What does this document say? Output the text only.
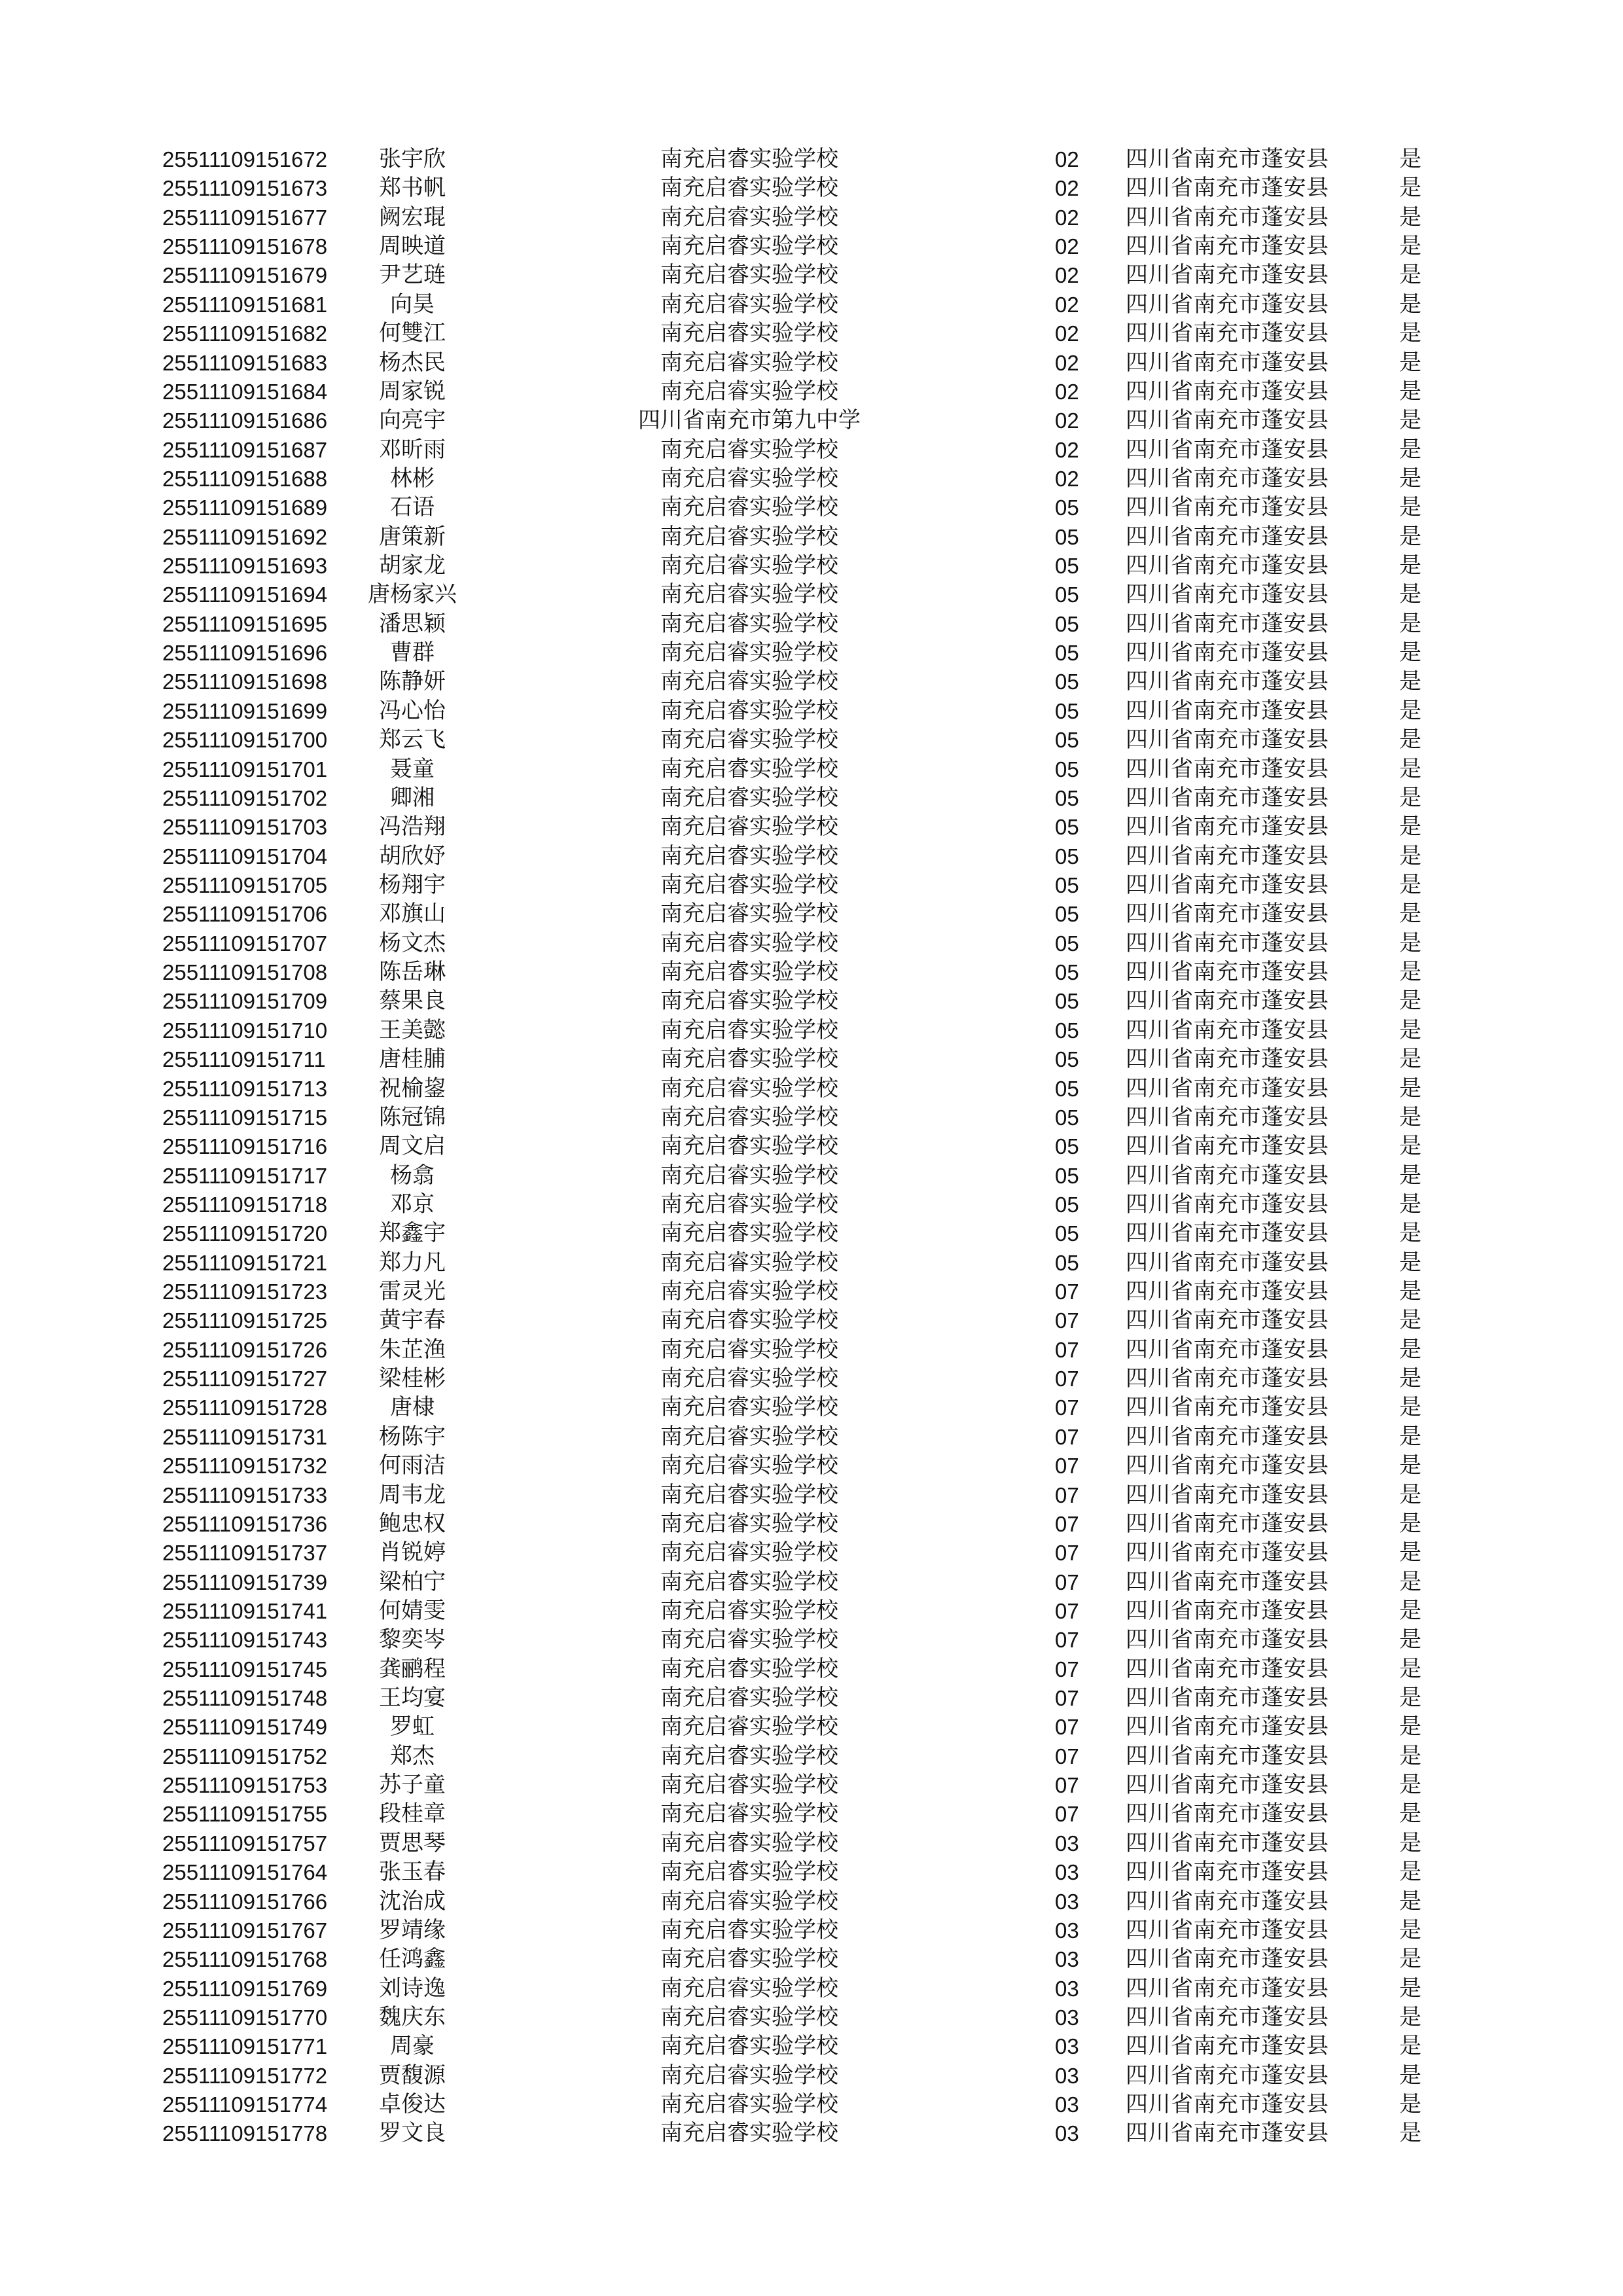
25511109151672	张宇欣	南充启睿实验学校	02	四川省南充市蓬安县	是
25511109151673	郑书帆	南充启睿实验学校	02	四川省南充市蓬安县	是
25511109151677	阙宏琨	南充启睿实验学校	02	四川省南充市蓬安县	是
25511109151678	周映道	南充启睿实验学校	02	四川省南充市蓬安县	是
25511109151679	尹艺琏	南充启睿实验学校	02	四川省南充市蓬安县	是
25511109151681	向昊	南充启睿实验学校	02	四川省南充市蓬安县	是
25511109151682	何雙江	南充启睿实验学校	02	四川省南充市蓬安县	是
25511109151683	杨杰民	南充启睿实验学校	02	四川省南充市蓬安县	是
25511109151684	周家锐	南充启睿实验学校	02	四川省南充市蓬安县	是
25511109151686	向亮宇	四川省南充市第九中学	02	四川省南充市蓬安县	是
25511109151687	邓昕雨	南充启睿实验学校	02	四川省南充市蓬安县	是
25511109151688	林彬	南充启睿实验学校	02	四川省南充市蓬安县	是
25511109151689	石语	南充启睿实验学校	05	四川省南充市蓬安县	是
25511109151692	唐策新	南充启睿实验学校	05	四川省南充市蓬安县	是
25511109151693	胡家龙	南充启睿实验学校	05	四川省南充市蓬安县	是
25511109151694	唐杨家兴	南充启睿实验学校	05	四川省南充市蓬安县	是
25511109151695	潘思颖	南充启睿实验学校	05	四川省南充市蓬安县	是
25511109151696	曹群	南充启睿实验学校	05	四川省南充市蓬安县	是
25511109151698	陈静妍	南充启睿实验学校	05	四川省南充市蓬安县	是
25511109151699	冯心怡	南充启睿实验学校	05	四川省南充市蓬安县	是
25511109151700	郑云飞	南充启睿实验学校	05	四川省南充市蓬安县	是
25511109151701	聂童	南充启睿实验学校	05	四川省南充市蓬安县	是
25511109151702	卿湘	南充启睿实验学校	05	四川省南充市蓬安县	是
25511109151703	冯浩翔	南充启睿实验学校	05	四川省南充市蓬安县	是
25511109151704	胡欣妤	南充启睿实验学校	05	四川省南充市蓬安县	是
25511109151705	杨翔宇	南充启睿实验学校	05	四川省南充市蓬安县	是
25511109151706	邓旗山	南充启睿实验学校	05	四川省南充市蓬安县	是
25511109151707	杨文杰	南充启睿实验学校	05	四川省南充市蓬安县	是
25511109151708	陈岳琳	南充启睿实验学校	05	四川省南充市蓬安县	是
25511109151709	蔡果良	南充启睿实验学校	05	四川省南充市蓬安县	是
25511109151710	王美懿	南充启睿实验学校	05	四川省南充市蓬安县	是
25511109151711	唐桂脯	南充启睿实验学校	05	四川省南充市蓬安县	是
25511109151713	祝榆鋆	南充启睿实验学校	05	四川省南充市蓬安县	是
25511109151715	陈冠锦	南充启睿实验学校	05	四川省南充市蓬安县	是
25511109151716	周文启	南充启睿实验学校	05	四川省南充市蓬安县	是
25511109151717	杨翕	南充启睿实验学校	05	四川省南充市蓬安县	是
25511109151718	邓京	南充启睿实验学校	05	四川省南充市蓬安县	是
25511109151720	郑鑫宇	南充启睿实验学校	05	四川省南充市蓬安县	是
25511109151721	郑力凡	南充启睿实验学校	05	四川省南充市蓬安县	是
25511109151723	雷灵光	南充启睿实验学校	07	四川省南充市蓬安县	是
25511109151725	黄宇春	南充启睿实验学校	07	四川省南充市蓬安县	是
25511109151726	朱芷渔	南充启睿实验学校	07	四川省南充市蓬安县	是
25511109151727	梁桂彬	南充启睿实验学校	07	四川省南充市蓬安县	是
25511109151728	唐棣	南充启睿实验学校	07	四川省南充市蓬安县	是
25511109151731	杨陈宇	南充启睿实验学校	07	四川省南充市蓬安县	是
25511109151732	何雨洁	南充启睿实验学校	07	四川省南充市蓬安县	是
25511109151733	周韦龙	南充启睿实验学校	07	四川省南充市蓬安县	是
25511109151736	鲍忠权	南充启睿实验学校	07	四川省南充市蓬安县	是
25511109151737	肖锐婷	南充启睿实验学校	07	四川省南充市蓬安县	是
25511109151739	梁柏宁	南充启睿实验学校	07	四川省南充市蓬安县	是
25511109151741	何婧雯	南充启睿实验学校	07	四川省南充市蓬安县	是
25511109151743	黎奕岑	南充启睿实验学校	07	四川省南充市蓬安县	是
25511109151745	龚鹂程	南充启睿实验学校	07	四川省南充市蓬安县	是
25511109151748	王均宴	南充启睿实验学校	07	四川省南充市蓬安县	是
25511109151749	罗虹	南充启睿实验学校	07	四川省南充市蓬安县	是
25511109151752	郑杰	南充启睿实验学校	07	四川省南充市蓬安县	是
25511109151753	苏子童	南充启睿实验学校	07	四川省南充市蓬安县	是
25511109151755	段桂章	南充启睿实验学校	07	四川省南充市蓬安县	是
25511109151757	贾思琴	南充启睿实验学校	03	四川省南充市蓬安县	是
25511109151764	张玉春	南充启睿实验学校	03	四川省南充市蓬安县	是
25511109151766	沈治成	南充启睿实验学校	03	四川省南充市蓬安县	是
25511109151767	罗靖缘	南充启睿实验学校	03	四川省南充市蓬安县	是
25511109151768	任鸿鑫	南充启睿实验学校	03	四川省南充市蓬安县	是
25511109151769	刘诗逸	南充启睿实验学校	03	四川省南充市蓬安县	是
25511109151770	魏庆东	南充启睿实验学校	03	四川省南充市蓬安县	是
25511109151771	周豪	南充启睿实验学校	03	四川省南充市蓬安县	是
25511109151772	贾馥源	南充启睿实验学校	03	四川省南充市蓬安县	是
25511109151774	卓俊达	南充启睿实验学校	03	四川省南充市蓬安县	是
25511109151778	罗文良	南充启睿实验学校	03	四川省南充市蓬安县	是
